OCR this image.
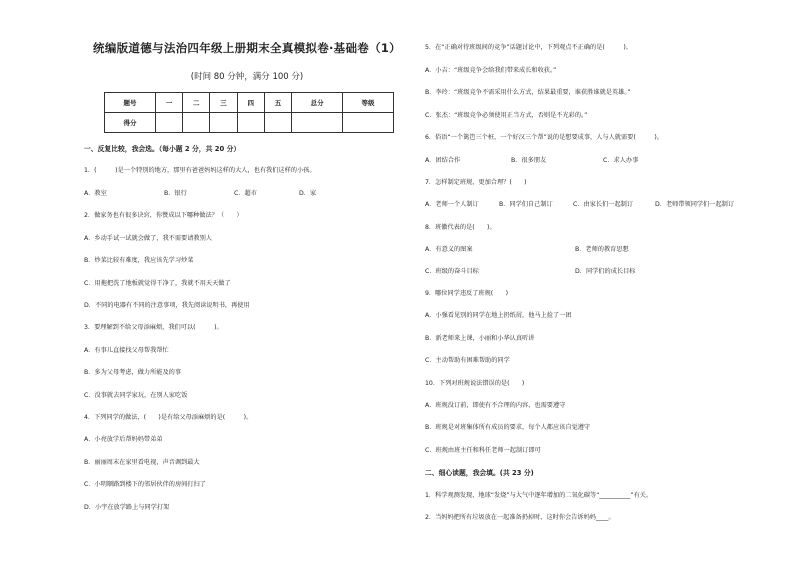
统编版道德与法治四年级上册期末全真模拟卷·基础卷（1）
(时间 80 分钟，满分 100 分)
题号	一	二	三	四	五	总分	等级
得分							
一、反复比较，我会选。（每小题 2 分，共 20 分）
1．(　　　)是一个特别的地方，那里有爸爸妈妈这样的大人，也有我们这样的小孩。
A．教室	B．银行	C．超市	D．家
2．做家务也有很多诀窍，你赞成以下哪种做法？（　　）
A．乡动手试一试就会做了，我不需要请教别人
B．炒菜比较有难度，我应该先学习炒菜
C．用拖把洗了地板就觉得干净了，我就不用天天做了
D．不同的电器有不同的注意事项，我先阅读说明书，再使用
3．要理解到不给父母添麻烦，我们可以(　　　)。
A．有事儿直接找父母帮我帮忙
B．多为父母考虑，做力所能及的事
C．没事就去同学家玩，在别人家吃饭
4．下列同学的做法，(　　)是有给父母添麻烦的是(　　　)。
A．小亮放学后帮妈妈带弟弟
B．丽丽周末在家里看电视，声音调到最大
C．小明顺路到楼下的邻居伙伴的房间打扫了
D．小宇在放学路上与同学打架
5．在“正确对待班级间的竞争”话题讨论中，下列观点不正确的是(　　　)。
A．小吉：“班级竞争会给我们带来成长和收获。”
B．李玲：“班级竞争不需采用什么方式，结果最重要，谁获胜谁就是英雄。”
C．张杰：“班级竞争必须使用正当方式，否则是不光彩的。”
6．俗语“一个篱笆三个桩，一个好汉三个帮”说的是想要成事，人与人就需要(　　　)。
A．团结合作	B．很多朋友	C．求人办事
7．怎样制定班规，更加合理？(　　)
A．老师一个人制订	B．同学们自己制订	C．由家长们一起制订	D．老师带领同学们一起制订
8．班徽代表的是(　　)。
A．有意义的图案	B．老师的教育思想
C．班级的奋斗目标	D．同学们的成长目标
9．哪位同学违反了班规(　　)
A．小强看见别的同学在地上扔纸屑，他马上捡了一团
B．新老师来上课，小丽和小华认真听讲
C．主动帮助有困难帮助的同学
10．下列对班规说法错误的是(　　)
A．班规没订前，即使有不合理的内容，也需要遵守
B．班规是对班集体所有成员的要求，每个人都应该自觉遵守
C．班规由班主任和科任老师一起制订即可
二、细心读题，我会填。(共 23 分)
1．科学观测发现，地球“发烧”与大气中逐年增加的二氧化碳等“__________”有关。
2．当妈妈把所有垃圾放在一起准备扔掉时，这时你会告诉妈妈____。
